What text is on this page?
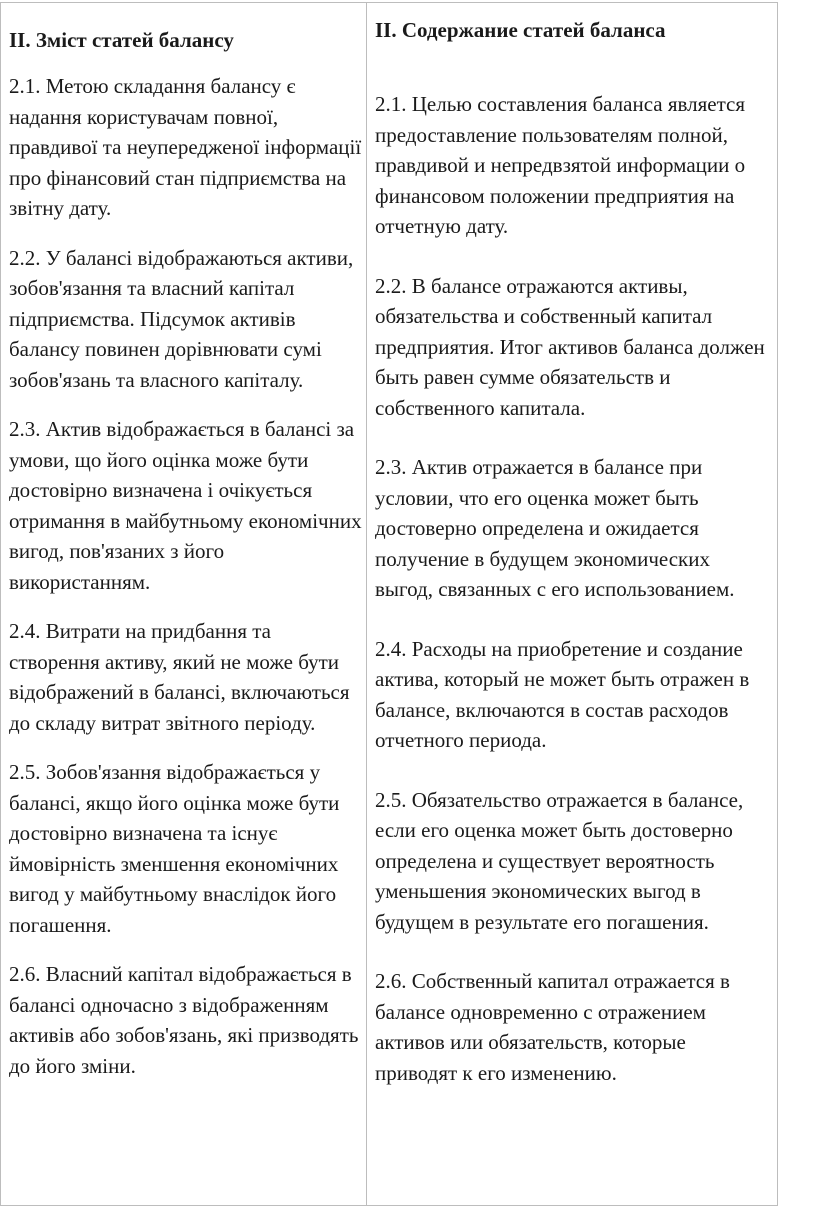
II. Зміст статей балансу

2.1. Метою складання балансу є надання користувачам повної, правдивої та неупередженої інформації про фінансовий стан підприємства на звітну дату.

2.2. У балансі відображаються активи, зобов'язання та власний капітал підприємства. Підсумок активів балансу повинен дорівнювати сумі зобов'язань та власного капіталу.

2.3. Актив відображається в балансі за умови, що його оцінка може бути достовірно визначена і очікується отримання в майбутньому економічних вигод, пов'язаних з його використанням.

2.4. Витрати на придбання та створення активу, який не може бути відображений в балансі, включаються до складу витрат звітного періоду.

2.5. Зобов'язання відображається у балансі, якщо його оцінка може бути достовірно визначена та існує ймовірність зменшення економічних вигод у майбутньому внаслідок його погашення.

2.6. Власний капітал відображається в балансі одночасно з відображенням активів або зобов'язань, які призводять до його зміни.

II. Содержание статей баланса

2.1. Целью составления баланса является предоставление пользователям полной, правдивой и непредвзятой информации о финансовом положении предприятия на отчетную дату.

2.2. В балансе отражаются активы, обязательства и собственный капитал предприятия. Итог активов баланса должен быть равен сумме обязательств и собственного капитала.

2.3. Актив отражается в балансе при условии, что его оценка может быть достоверно определена и ожидается получение в будущем экономических выгод, связанных с его использованием.

2.4. Расходы на приобретение и создание актива, который не может быть отражен в балансе, включаются в состав расходов отчетного периода.

2.5. Обязательство отражается в балансе, если его оценка может быть достоверно определена и существует вероятность уменьшения экономических выгод в будущем в результате его погашения.

2.6. Собственный капитал отражается в балансе одновременно с отражением активов или обязательств, которые приводят к его изменению.
